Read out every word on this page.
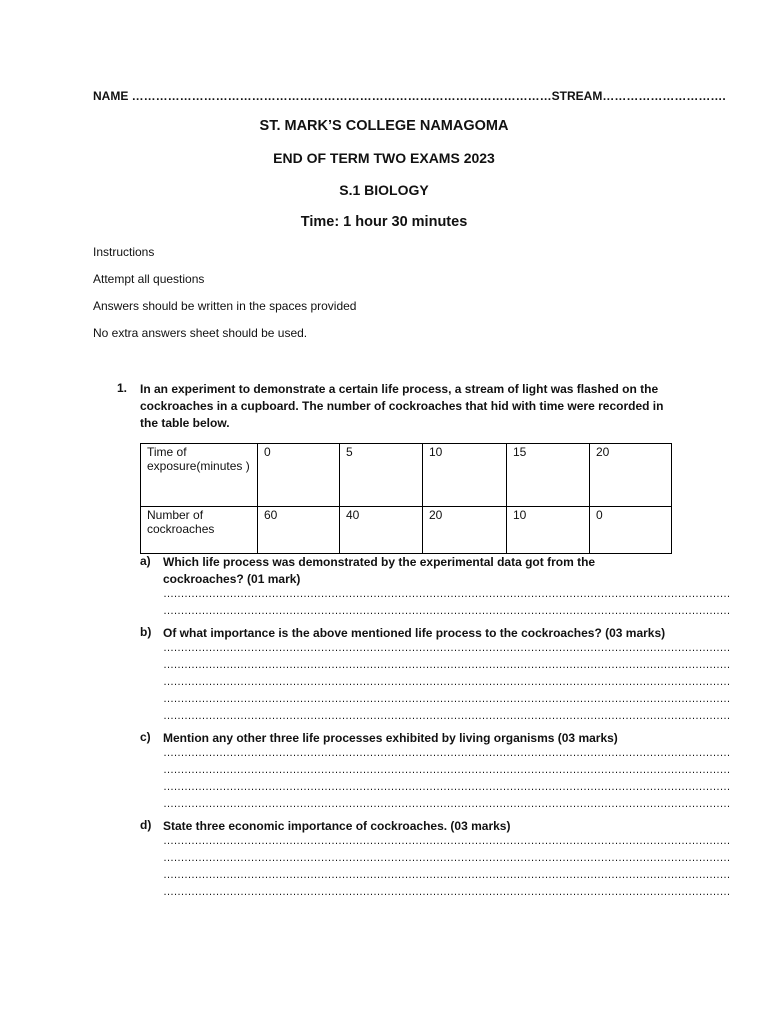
NAME ……………………………………………………………………………………………STREAM………………………….
ST. MARK’S COLLEGE NAMAGOMA
END OF TERM TWO EXAMS 2023
S.1 BIOLOGY
Time: 1 hour 30 minutes
Instructions
Attempt all questions
Answers should be written in the spaces provided
No extra answers sheet should be used.
1. In an experiment to demonstrate a certain life process, a stream of light was flashed on the cockroaches in a cupboard. The number of cockroaches that hid with time were recorded in the table below.
Time of exposure(minutes )	0	5	10	15	20
Number of cockroaches	60	40	20	10	0
a) Which life process was demonstrated by the experimental data got from the cockroaches? (01 mark)
………………………………………………………………………………………………………………………………………………
………………………………………………………………………………………………………………………………………………
b) Of what importance is the above mentioned life process to the cockroaches? (03 marks)
………………………………………………………………………………………………………………………………………………
………………………………………………………………………………………………………………………………………………
………………………………………………………………………………………………………………………………………………
………………………………………………………………………………………………………………………………………………
………………………………………………………………………………………………………………………………………………
c) Mention any other three life processes exhibited by living organisms (03 marks)
………………………………………………………………………………………………………………………………………………
………………………………………………………………………………………………………………………………………………
………………………………………………………………………………………………………………………………………………
………………………………………………………………………………………………………………………………………………
d) State three economic importance of cockroaches. (03 marks)
………………………………………………………………………………………………………………………………………………
………………………………………………………………………………………………………………………………………………
………………………………………………………………………………………………………………………………………………
………………………………………………………………………………………………………………………………………………
